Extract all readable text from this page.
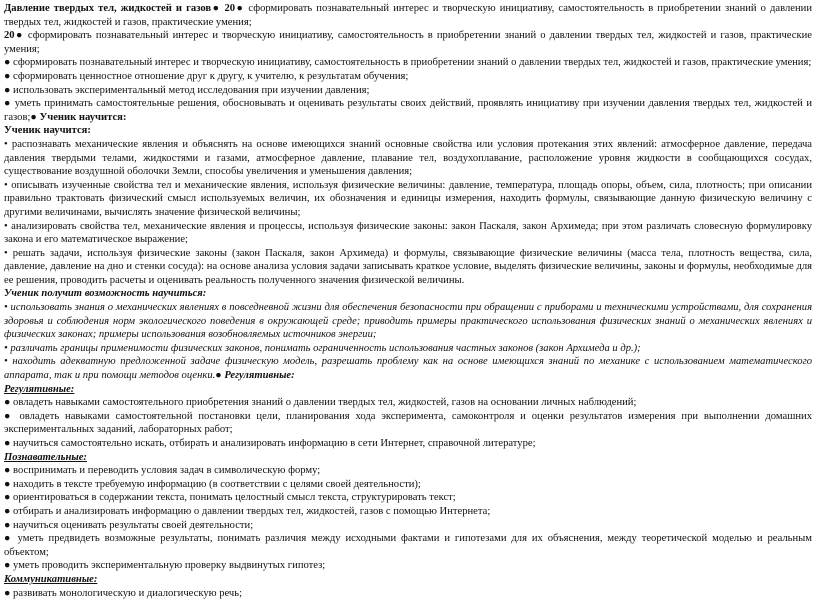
Давление твердых тел, жидкостей и газов● 20● сформировать познавательный интерес и творческую инициативу, самостоятельность в приобретении знаний о давлении твердых тел, жидкостей и газов, практические умения;

20● сформировать познавательный интерес и творческую инициативу, самостоятельность в приобретении знаний о давлении твердых тел, жидкостей и газов, практические умения;

● сформировать познавательный интерес и творческую инициативу, самостоятельность в приобретении знаний о давлении твердых тел, жидкостей и газов, практические умения;

● сформировать ценностное отношение друг к другу, к учителю, к результатам обучения;

● использовать экспериментальный метод исследования при изучении давления;

● уметь принимать самостоятельные решения, обосновывать и оценивать результаты своих действий, проявлять инициативу при изучении давления твердых тел, жидкостей и газов;● Ученик научится:

Ученик научится:

• распознавать механические явления и объяснять на основе имеющихся знаний основные свойства или условия протекания этих явлений: атмосферное давление, передача давления твердыми телами, жидкостями и газами, атмосферное давление, плавание тел, воздухоплавание, расположение уровня жидкости в сообщающихся сосудах, существование воздушной оболочки Земли, способы увеличения и уменьшения давления;

• описывать изученные свойства тел и механические явления, используя физические величины: давление, температура, площадь опоры, объем, сила, плотность; при описании правильно трактовать физический смысл используемых величин, их обозначения и единицы измерения, находить формулы, связывающие данную физическую величину с другими величинами, вычислять значение физической величины;

• анализировать свойства тел, механические явления и процессы, используя физические законы: закон Паскаля, закон Архимеда; при этом различать словесную формулировку закона и его математическое выражение;

• решать задачи, используя физические законы (закон Паскаля, закон Архимеда) и формулы, связывающие физические величины (масса тела, плотность вещества, сила, давление, давление на дно и стенки сосуда): на основе анализа условия задачи записывать краткое условие, выделять физические величины, законы и формулы, необходимые для ее решения, проводить расчеты и оценивать реальность полученного значения физической величины.

Ученик получит возможность научиться:

• использовать знания о механических явлениях в повседневной жизни для обеспечения безопасности при обращении с приборами и техническими устройствами, для сохранения здоровья и соблюдения норм экологического поведения в окружающей среде; приводить примеры практического использования физических знаний о механических явлениях и физических законах; примеры использования возобновляемых источников энергии;

• различать границы применимости физических законов, понимать ограниченность использования частных законов (закон Архимеда и др.);

• находить адекватную предложенной задаче физическую модель, разрешать проблему как на основе имеющихся знаний по механике с использованием математического аппарата, так и при помощи методов оценки.● Регулятивные:

Регулятивные:

● овладеть навыками самостоятельного приобретения знаний о давлении твердых тел, жидкостей, газов на основании личных наблюдений;

● овладеть навыками самостоятельной постановки цели, планирования хода эксперимента, самоконтроля и оценки результатов измерения при выполнении домашних экспериментальных заданий, лабораторных работ;

● научиться самостоятельно искать, отбирать и анализировать информацию в сети Интернет, справочной литературе;

Познавательные:

● воспринимать и переводить условия задач в символическую форму;

● находить в тексте требуемую информацию (в соответствии с целями своей деятельности);

● ориентироваться в содержании текста, понимать целостный смысл текста, структурировать текст;

● отбирать и анализировать информацию о давлении твердых тел, жидкостей, газов с помощью Интернета;

● научиться оценивать результаты своей деятельности;

● уметь предвидеть возможные результаты, понимать различия между исходными фактами и гипотезами для их объяснения, между теоретической моделью и реальным объектом;

● уметь проводить экспериментальную проверку выдвинутых гипотез;

Коммуникативные:

● развивать монологическую и диалогическую речь;
